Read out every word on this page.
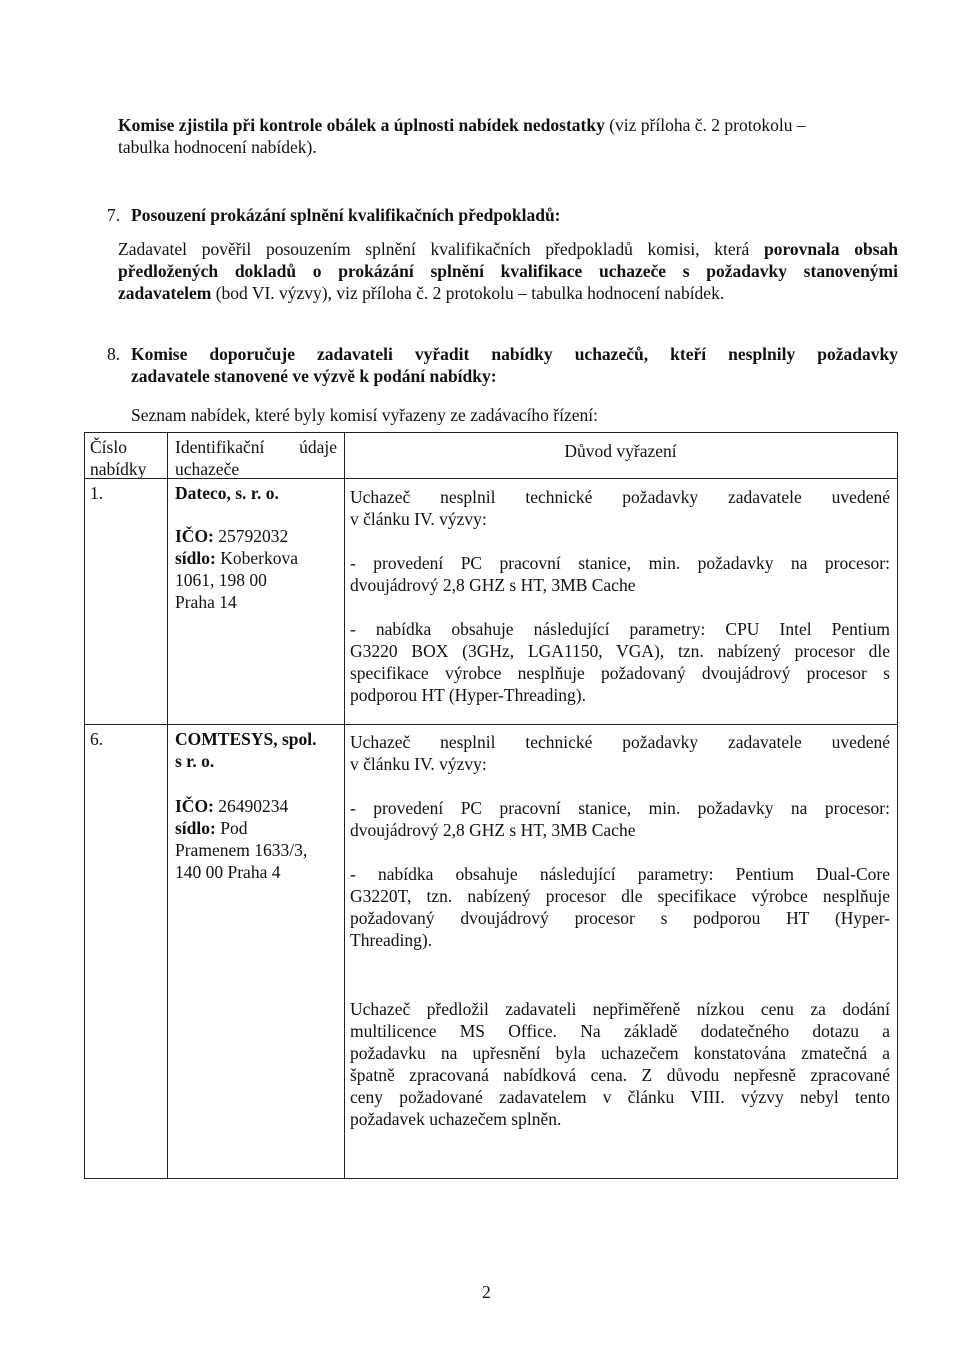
Komise zjistila při kontrole obálek a úplnosti nabídek nedostatky (viz příloha č. 2 protokolu –
tabulka hodnocení nabídek).
7. Posouzení prokázání splnění kvalifikačních předpokladů:
Zadavatel pověřil posouzením splnění kvalifikačních předpokladů komisi, která porovnala obsah
předložených dokladů o prokázání splnění kvalifikace uchazeče s požadavky stanovenými
zadavatelem (bod VI. výzvy), viz příloha č. 2 protokolu – tabulka hodnocení nabídek.
8. Komise doporučuje zadavateli vyřadit nabídky uchazečů, kteří nesplnily požadavky
zadavatele stanovené ve výzvě k podání nabídky:
Seznam nabídek, které byly komisí vyřazeny ze zadávacího řízení:
Číslo
nabídky
Identifikační údaje
uchazeče
Důvod vyřazení
1.	Dateco, s. r. o.
IČO: 25792032
sídlo: Koberkova
1061, 198 00
Praha 14
Uchazeč nesplnil technické požadavky zadavatele uvedené
v článku IV. výzvy:
- provedení PC pracovní stanice, min. požadavky na procesor:
dvoujádrový 2,8 GHZ s HT, 3MB Cache
- nabídka obsahuje následující parametry: CPU Intel Pentium
G3220 BOX (3GHz, LGA1150, VGA), tzn. nabízený procesor dle
specifikace výrobce nesplňuje požadovaný dvoujádrový procesor s
podporou HT (Hyper-Threading).
6.	COMTESYS, spol.
s r. o.
IČO: 26490234
sídlo: Pod
Pramenem 1633/3,
140 00 Praha 4
Uchazeč nesplnil technické požadavky zadavatele uvedené
v článku IV. výzvy:
- provedení PC pracovní stanice, min. požadavky na procesor:
dvoujádrový 2,8 GHZ s HT, 3MB Cache
- nabídka obsahuje následující parametry: Pentium Dual-Core
G3220T, tzn. nabízený procesor dle specifikace výrobce nesplňuje
požadovaný dvoujádrový procesor s podporou HT (Hyper-
Threading).
Uchazeč předložil zadavateli nepřiměřeně nízkou cenu za dodání
multilicence MS Office. Na základě dodatečného dotazu a
požadavku na upřesnění byla uchazečem konstatována zmatečná a
špatně zpracovaná nabídková cena. Z důvodu nepřesně zpracované
ceny požadované zadavatelem v článku VIII. výzvy nebyl tento
požadavek uchazečem splněn.
2
